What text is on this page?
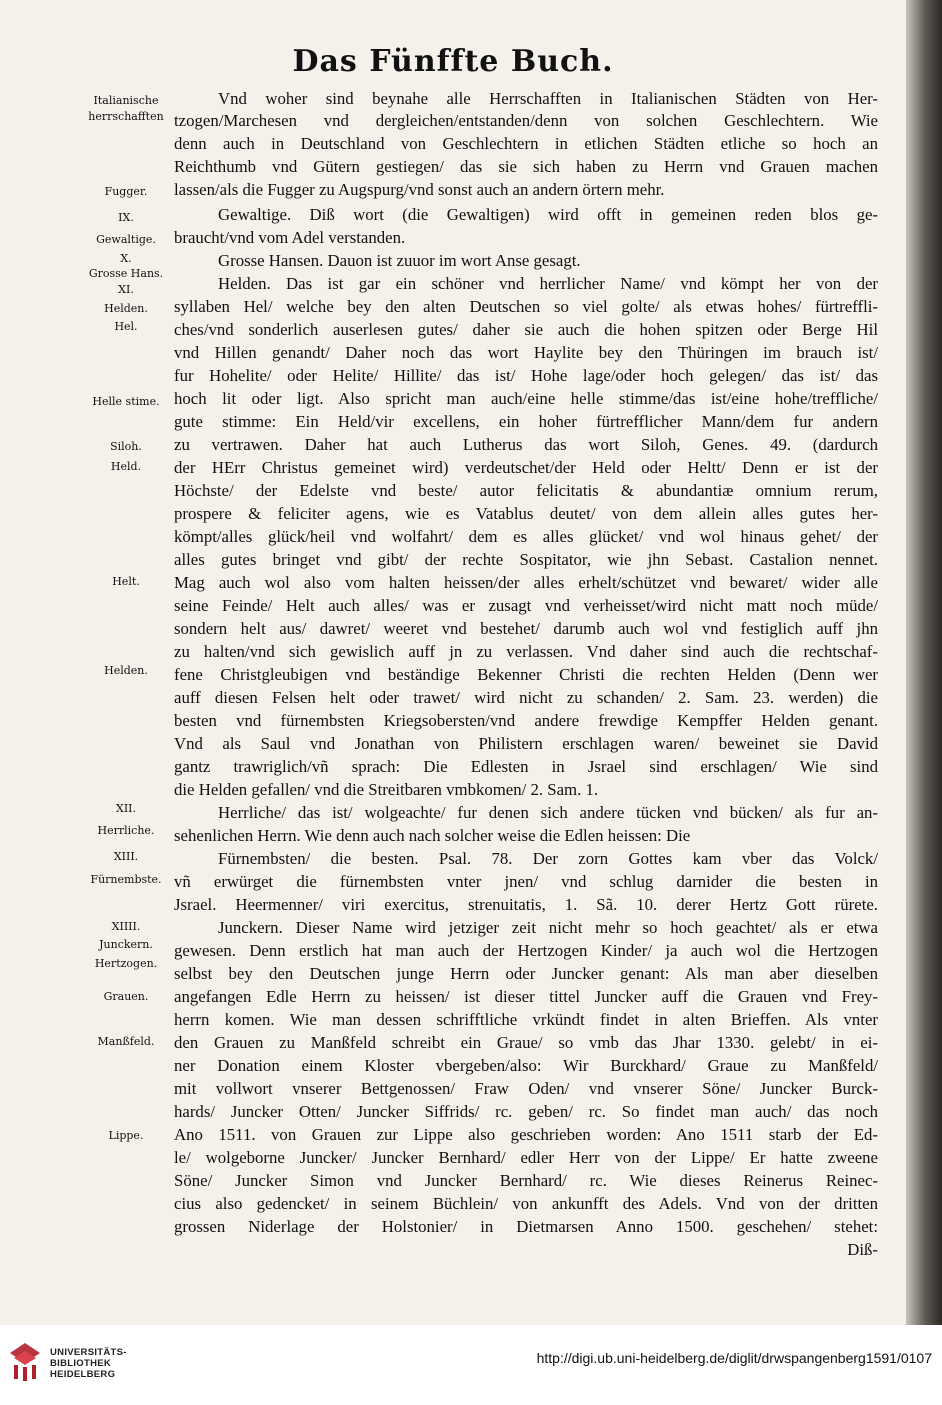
Das Fünffte Buch.
Italianische
herrschafften
Fugger.
IX.
Gewaltige.
X.
Grosse Hans.
XI.
Helden.
Hel.
Helle stime.
Siloh.
Held.
Helt.
Helden.
XII.
Herrliche.
XIII.
Fürnembste.
XIIII.
Junckern.
Hertzogen.
Grauen.
Manßfeld.
Lippe.
Vnd woher sind beynahe alle Herrschafften in Italianischen Städten von Her-
tzogen/Marchesen vnd dergleichen/entstanden/denn von solchen Geschlechtern. Wie
denn auch in Deutschland von Geschlechtern in etlichen Städten etliche so hoch an
Reichthumb vnd Gütern gestiegen/ das sie sich haben zu Herrn vnd Grauen machen
lassen/als die Fugger zu Augspurg/vnd sonst auch an andern örtern mehr.
Gewaltige. Diß wort (die Gewaltigen) wird offt in gemeinen reden blos ge-
braucht/vnd vom Adel verstanden.
Grosse Hansen. Dauon ist zuuor im wort Anse gesagt.
Helden. Das ist gar ein schöner vnd herrlicher Name/ vnd kömpt her von der
syllaben Hel/ welche bey den alten Deutschen so viel golte/ als etwas hohes/ fürtreffli-
ches/vnd sonderlich auserlesen gutes/ daher sie auch die hohen spitzen oder Berge Hil
vnd Hillen genandt/ Daher noch das wort Haylite bey den Thüringen im brauch ist/
fur Hohelite/ oder Helite/ Hillite/ das ist/ Hohe lage/oder hoch gelegen/ das ist/ das
hoch lit oder ligt. Also spricht man auch/eine helle stimme/das ist/eine hohe/treffliche/
gute stimme: Ein Held/vir excellens, ein hoher fürtrefflicher Mann/dem fur andern
zu vertrawen. Daher hat auch Lutherus das wort Siloh, Genes. 49. (dardurch
der HErr Christus gemeinet wird) verdeutschet/der Held oder Heltt/ Denn er ist der
Höchste/ der Edelste vnd beste/ autor felicitatis & abundantiæ omnium rerum,
prospere & feliciter agens, wie es Vatablus deutet/ von dem allein alles gutes her-
kömpt/alles glück/heil vnd wolfahrt/ dem es alles glücket/ vnd wol hinaus gehet/ der
alles gutes bringet vnd gibt/ der rechte Sospitator, wie jhn Sebast. Castalion nennet.
Mag auch wol also vom halten heissen/der alles erhelt/schützet vnd bewaret/ wider alle
seine Feinde/ Helt auch alles/ was er zusagt vnd verheisset/wird nicht matt noch müde/
sondern helt aus/ dawret/ weeret vnd bestehet/ darumb auch wol vnd festiglich auff jhn
zu halten/vnd sich gewislich auff jn zu verlassen. Vnd daher sind auch die rechtschaf-
fene Christgleubigen vnd beständige Bekenner Christi die rechten Helden (Denn wer
auff diesen Felsen helt oder trawet/ wird nicht zu schanden/ 2. Sam. 23. werden) die
besten vnd fürnembsten Kriegsobersten/vnd andere frewdige Kempffer Helden genant.
Vnd als Saul vnd Jonathan von Philistern erschlagen waren/ beweinet sie David
gantz trawriglich/vñ sprach: Die Edlesten in Jsrael sind erschlagen/ Wie sind
die Helden gefallen/ vnd die Streitbaren vmbkomen/ 2. Sam. 1.
Herrliche/ das ist/ wolgeachte/ fur denen sich andere tücken vnd bücken/ als fur an-
sehenlichen Herrn. Wie denn auch nach solcher weise die Edlen heissen: Die
Fürnembsten/ die besten. Psal. 78. Der zorn Gottes kam vber das Volck/
vñ erwürget die fürnembsten vnter jnen/ vnd schlug darnider die besten in
Jsrael. Heermenner/ viri exercitus, strenuitatis, 1. Sã. 10. derer Hertz Gott rürete.
Junckern. Dieser Name wird jetziger zeit nicht mehr so hoch geachtet/ als er etwa
gewesen. Denn erstlich hat man auch der Hertzogen Kinder/ ja auch wol die Hertzogen
selbst bey den Deutschen junge Herrn oder Juncker genant: Als man aber dieselben
angefangen Edle Herrn zu heissen/ ist dieser tittel Juncker auff die Grauen vnd Frey-
herrn komen. Wie man dessen schrifftliche vrkündt findet in alten Brieffen. Als vnter
den Grauen zu Manßfeld schreibt ein Graue/ so vmb das Jhar 1330. gelebt/ in ei-
ner Donation einem Kloster vbergeben/also: Wir Burckhard/ Graue zu Manßfeld/
mit vollwort vnserer Bettgenossen/ Fraw Oden/ vnd vnserer Söne/ Juncker Burck-
hards/ Juncker Otten/ Juncker Siffrids/ rc. geben/ rc. So findet man auch/ das noch
Ano 1511. von Grauen zur Lippe also geschrieben worden: Ano 1511 starb der Ed-
le/ wolgeborne Juncker/ Juncker Bernhard/ edler Herr von der Lippe/ Er hatte zweene
Söne/ Juncker Simon vnd Juncker Bernhard/ rc. Wie dieses Reinerus Reinec-
cius also gedencket/ in seinem Büchlein/ von ankunfft des Adels. Vnd von der dritten
grossen Niderlage der Holstonier/ in Dietmarsen Anno 1500. geschehen/ stehet:
Diß-
UNIVERSITÄTS-
BIBLIOTHEK
HEIDELBERG
http://digi.ub.uni-heidelberg.de/diglit/drwspangenberg1591/0107
